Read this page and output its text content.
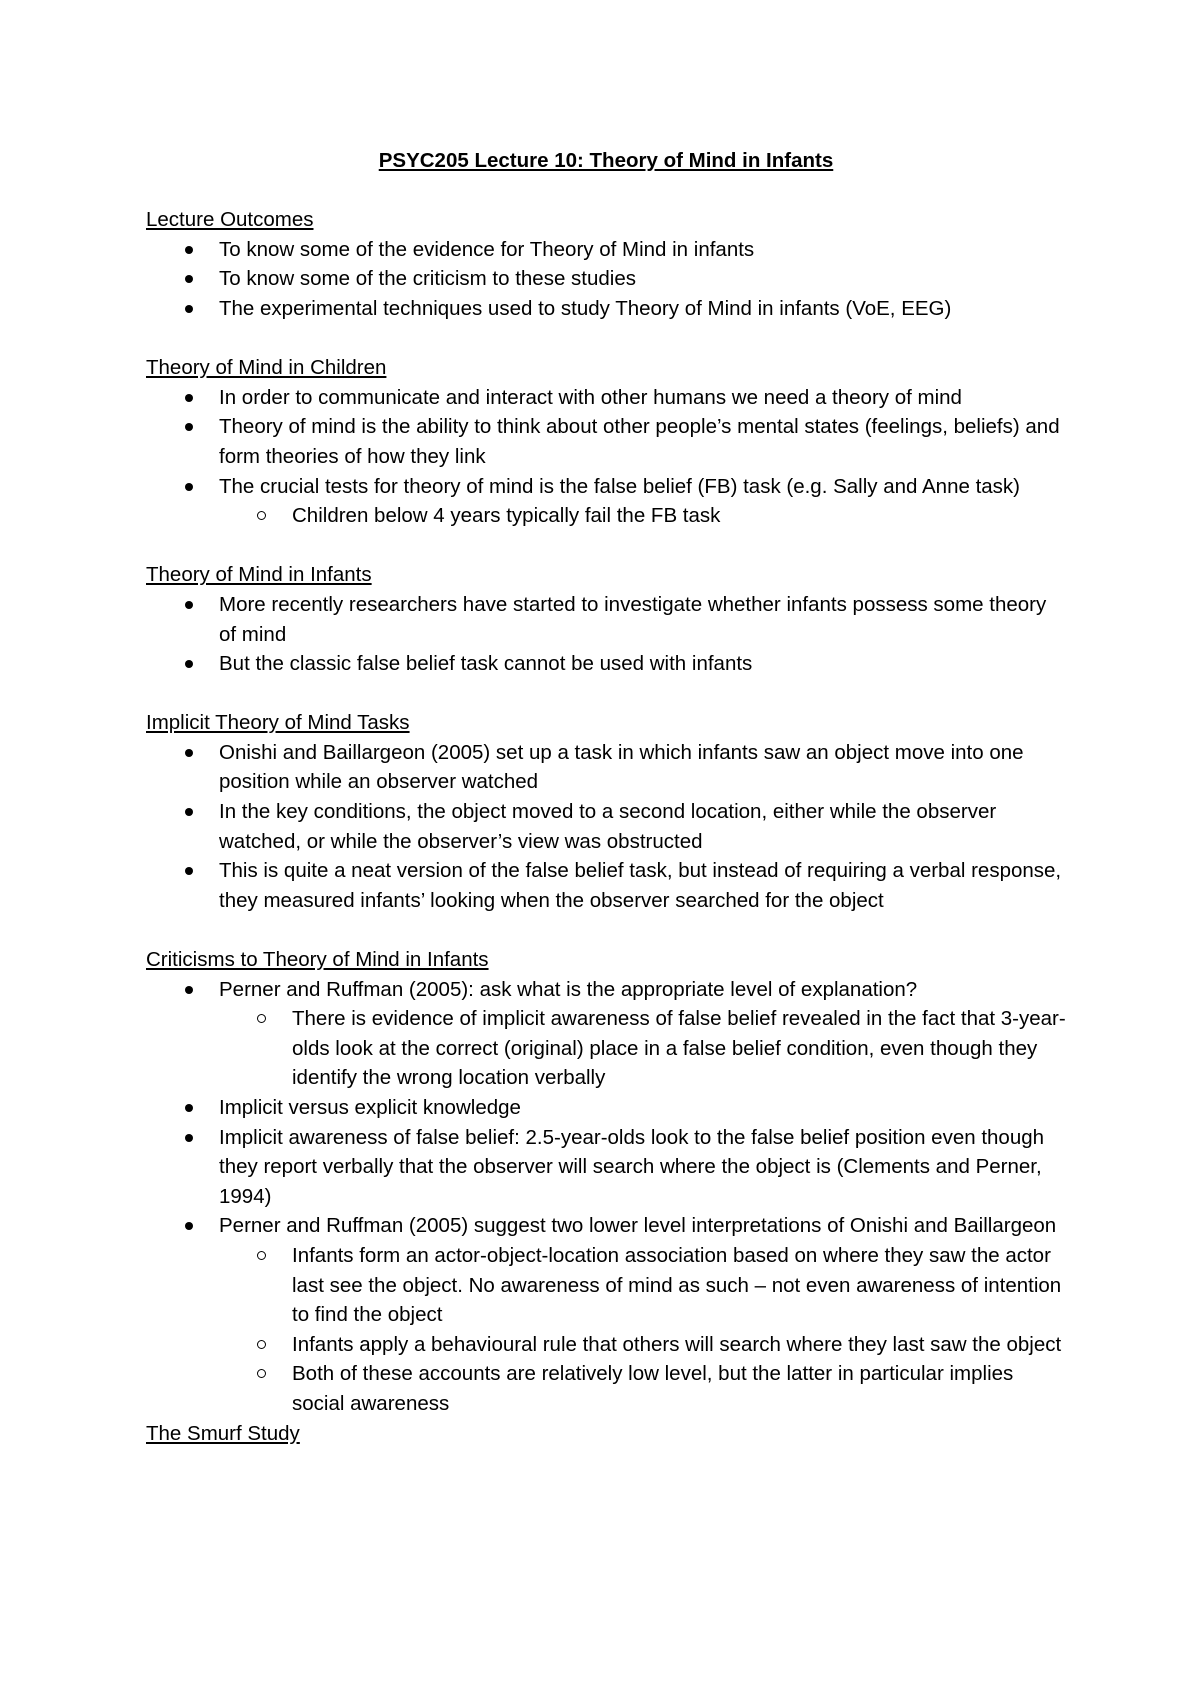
PSYC205 Lecture 10: Theory of Mind in Infants
Lecture Outcomes
To know some of the evidence for Theory of Mind in infants
To know some of the criticism to these studies
The experimental techniques used to study Theory of Mind in infants (VoE, EEG)
Theory of Mind in Children
In order to communicate and interact with other humans we need a theory of mind
Theory of mind is the ability to think about other people’s mental states (feelings, beliefs) and form theories of how they link
The crucial tests for theory of mind is the false belief (FB) task (e.g. Sally and Anne task)
Children below 4 years typically fail the FB task
Theory of Mind in Infants
More recently researchers have started to investigate whether infants possess some theory of mind
But the classic false belief task cannot be used with infants
Implicit Theory of Mind Tasks
Onishi and Baillargeon (2005) set up a task in which infants saw an object move into one position while an observer watched
In the key conditions, the object moved to a second location, either while the observer watched, or while the observer’s view was obstructed
This is quite a neat version of the false belief task, but instead of requiring a verbal response, they measured infants’ looking when the observer searched for the object
Criticisms to Theory of Mind in Infants
Perner and Ruffman (2005): ask what is the appropriate level of explanation?
There is evidence of implicit awareness of false belief revealed in the fact that 3-year-olds look at the correct (original) place in a false belief condition, even though they identify the wrong location verbally
Implicit versus explicit knowledge
Implicit awareness of false belief: 2.5-year-olds look to the false belief position even though they report verbally that the observer will search where the object is (Clements and Perner, 1994)
Perner and Ruffman (2005) suggest two lower level interpretations of Onishi and Baillargeon
Infants form an actor-object-location association based on where they saw the actor last see the object. No awareness of mind as such – not even awareness of intention to find the object
Infants apply a behavioural rule that others will search where they last saw the object
Both of these accounts are relatively low level, but the latter in particular implies social awareness
The Smurf Study
